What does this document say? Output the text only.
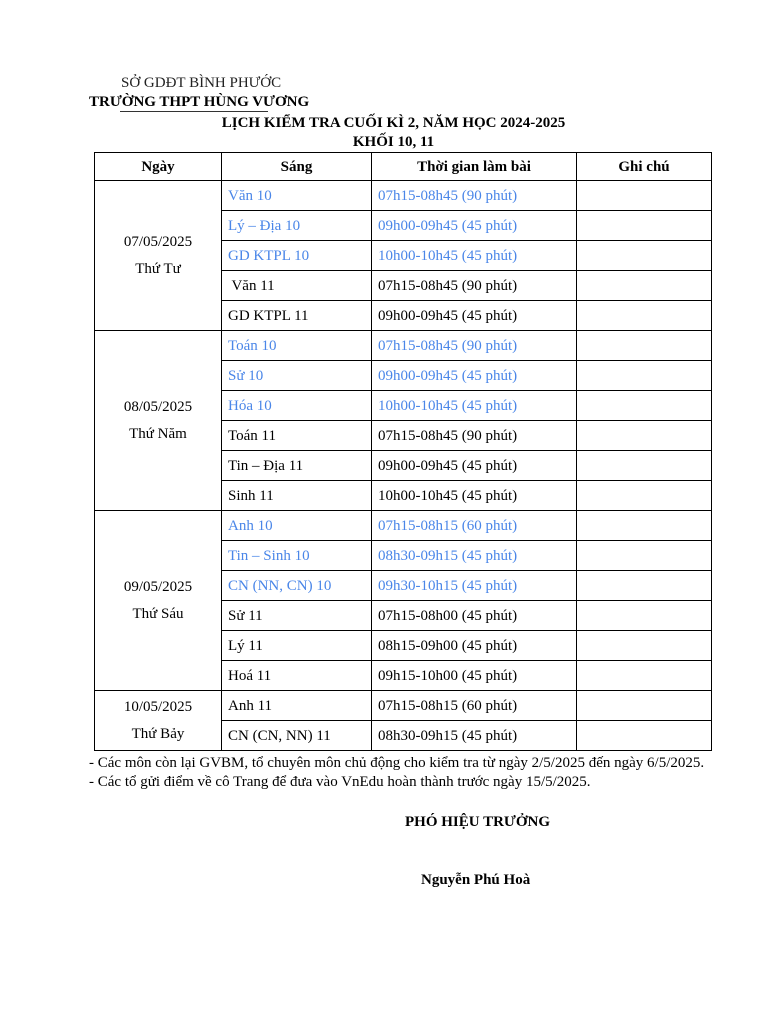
SỞ GDĐT BÌNH PHƯỚC
TRƯỜNG THPT HÙNG VƯƠNG
LỊCH KIỂM TRA CUỐI KÌ 2, NĂM HỌC 2024-2025
KHỐI 10, 11
Ngày	Sáng	Thời gian làm bài	Ghi chú

07/05/2025
Thứ Tư	Văn 10	07h15-08h45 (90 phút)	
	Lý – Địa 10	09h00-09h45 (45 phút)	
	GD KTPL 10	10h00-10h45 (45 phút)	
	Văn 11	07h15-08h45 (90 phút)	
	GD KTPL 11	09h00-09h45 (45 phút)	

08/05/2025
Thứ Năm	Toán 10	07h15-08h45 (90 phút)	
	Sử 10	09h00-09h45 (45 phút)	
	Hóa 10	10h00-10h45 (45 phút)	
	Toán 11	07h15-08h45 (90 phút)	
	Tin – Địa 11	09h00-09h45 (45 phút)	
	Sinh 11	10h00-10h45 (45 phút)	

09/05/2025
Thứ Sáu	Anh 10	07h15-08h15 (60 phút)	
	Tin – Sinh 10	08h30-09h15 (45 phút)	
	CN (NN, CN) 10	09h30-10h15 (45 phút)	
	Sử 11	07h15-08h00 (45 phút)	
	Lý 11	08h15-09h00 (45 phút)	
	Hoá 11	09h15-10h00 (45 phút)	

10/05/2025
Thứ Bảy	Anh 11	07h15-08h15 (60 phút)	
	CN (CN, NN) 11	08h30-09h15 (45 phút)	
- Các môn còn lại GVBM, tổ chuyên môn chủ động cho kiểm tra từ ngày 2/5/2025 đến ngày 6/5/2025.
- Các tổ gửi điểm về cô Trang để đưa vào VnEdu hoàn thành trước ngày 15/5/2025.
PHÓ HIỆU TRƯỞNG
Nguyễn Phú Hoà
